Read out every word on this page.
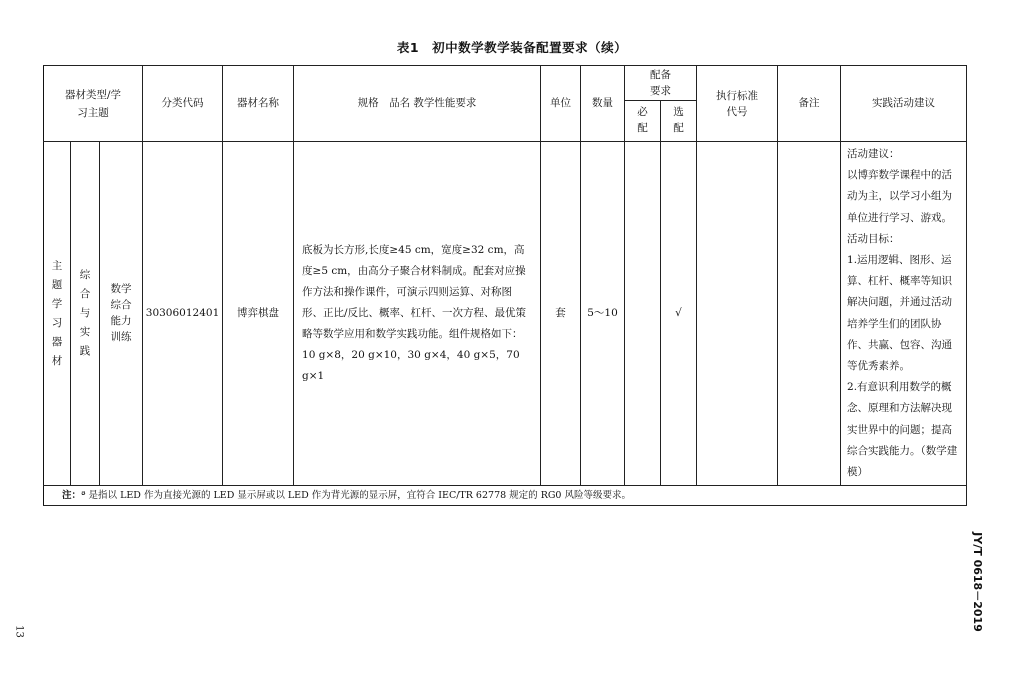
表1　初中数学教学装备配置要求（续）
器材类型/学习主题			分类代码	器材名称	规格　品名 教学性能要求	单位	数量	配备要求		执行标准代号	备注	实践活动建议
								必配	选配			
主题学习器材	综合与实践	数学综合能力训练	30306012401	博弈棋盘	底板为长方形,长度≥45 cm，宽度≥32 cm，高度≥5 cm，由高分子聚合材料制成。配套对应操作方法和操作课件，可演示四则运算、对称图形、正比/反比、概率、杠杆、一次方程、最优策略等数学应用和数学实践功能。组件规格如下：10 g×8，20 g×10，30 g×4，40 g×5，70 g×1	套	5～10		√			活动建议：
以博弈数学课程中的活动为主，以学习小组为单位进行学习、游戏。
活动目标：
1.运用逻辑、图形、运算、杠杆、概率等知识解决问题，并通过活动培养学生们的团队协作、共赢、包容、沟通等优秀素养。
2.有意识利用数学的概念、原理和方法解决现实世界中的问题；提高综合实践能力。（数学建模）

注：ª 是指以 LED 作为直接光源的 LED 显示屏或以 LED 作为背光源的显示屏，宜符合 IEC/TR 62778 规定的 RG0 风险等级要求。												
JY/T 0618－2019
13
